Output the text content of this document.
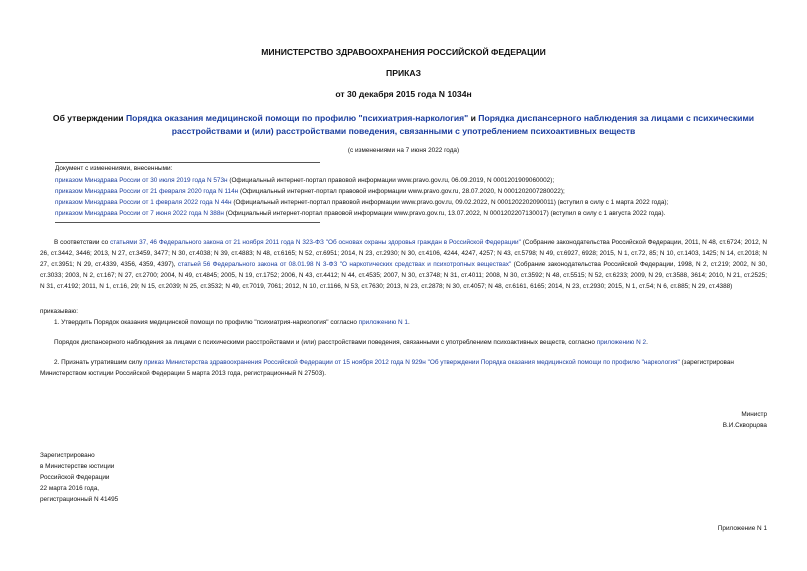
МИНИСТЕРСТВО ЗДРАВООХРАНЕНИЯ РОССИЙСКОЙ ФЕДЕРАЦИИ
ПРИКАЗ
от 30 декабря 2015 года N 1034н
Об утверждении Порядка оказания медицинской помощи по профилю "психиатрия-наркология" и Порядка диспансерного наблюдения за лицами с психическими расстройствами и (или) расстройствами поведения, связанными с употреблением психоактивных веществ
(с изменениями на 7 июня 2022 года)
Документ с изменениями, внесенными:
приказом Минздрава России от 30 июля 2019 года N 573н (Официальный интернет-портал правовой информации www.pravo.gov.ru, 06.09.2019, N 0001201909060002);
приказом Минздрава России от 21 февраля 2020 года N 114н (Официальный интернет-портал правовой информации www.pravo.gov.ru, 28.07.2020, N 0001202007280022);
приказом Минздрава России от 1 февраля 2022 года N 44н (Официальный интернет-портал правовой информации www.pravo.gov.ru, 09.02.2022, N 0001202202090011) (вступил в силу с 1 марта 2022 года);
приказом Минздрава России от 7 июня 2022 года N 388н (Официальный интернет-портал правовой информации www.pravo.gov.ru, 13.07.2022, N 0001202207130017) (вступил в силу с 1 августа 2022 года).
В соответствии со статьями 37, 46 Федерального закона от 21 ноября 2011 года N 323-ФЗ "Об основах охраны здоровья граждан в Российской Федерации" (Собрание законодательства Российской Федерации, 2011, N 48, ст.6724; 2012, N 26, ст.3442, 3446; 2013, N 27, ст.3459, 3477; N 30, ст.4038; N 39, ст.4883; N 48, ст.6165; N 52, ст.6951; 2014, N 23, ст.2930; N 30, ст.4106, 4244, 4247, 4257; N 43, ст.5798; N 49, ст.6927, 6928; 2015, N 1, ст.72, 85; N 10, ст.1403, 1425; N 14, ст.2018; N 27, ст.3951; N 29, ст.4339, 4356, 4359, 4397), статьей 56 Федерального закона от 08.01.98 N 3-ФЗ "О наркотических средствах и психотропных веществах" (Собрание законодательства Российской Федерации, 1998, N 2, ст.219; 2002, N 30, ст.3033; 2003, N 2, ст.167; N 27, ст.2700; 2004, N 49, ст.4845; 2005, N 19, ст.1752; 2006, N 43, ст.4412; N 44, ст.4535; 2007, N 30, ст.3748; N 31, ст.4011; 2008, N 30, ст.3592; N 48, ст.5515; N 52, ст.6233; 2009, N 29, ст.3588, 3614; 2010, N 21, ст.2525; N 31, ст.4192; 2011, N 1, ст.16, 29; N 15, ст.2039; N 25, ст.3532; N 49, ст.7019, 7061; 2012, N 10, ст.1166, N 53, ст.7630; 2013, N 23, ст.2878; N 30, ст.4057; N 48, ст.6161, 6165; 2014, N 23, ст.2930; 2015, N 1, ст.54; N 6, ст.885; N 29, ст.4388)
приказываю:
1. Утвердить Порядок оказания медицинской помощи по профилю "психиатрия-наркология" согласно приложению N 1.
Порядок диспансерного наблюдения за лицами с психическими расстройствами и (или) расстройствами поведения, связанными с употреблением психоактивных веществ, согласно приложению N 2.
2. Признать утратившим силу приказ Министерства здравоохранения Российской Федерации от 15 ноября 2012 года N 929н "Об утверждении Порядка оказания медицинской помощи по профилю "наркология" (зарегистрирован Министерством юстиции Российской Федерации 5 марта 2013 года, регистрационный N 27503).
Министр
В.И.Скворцова
Зарегистрировано
в Министерстве юстиции
Российской Федерации
22 марта 2016 года,
регистрационный N 41495
Приложение N 1
